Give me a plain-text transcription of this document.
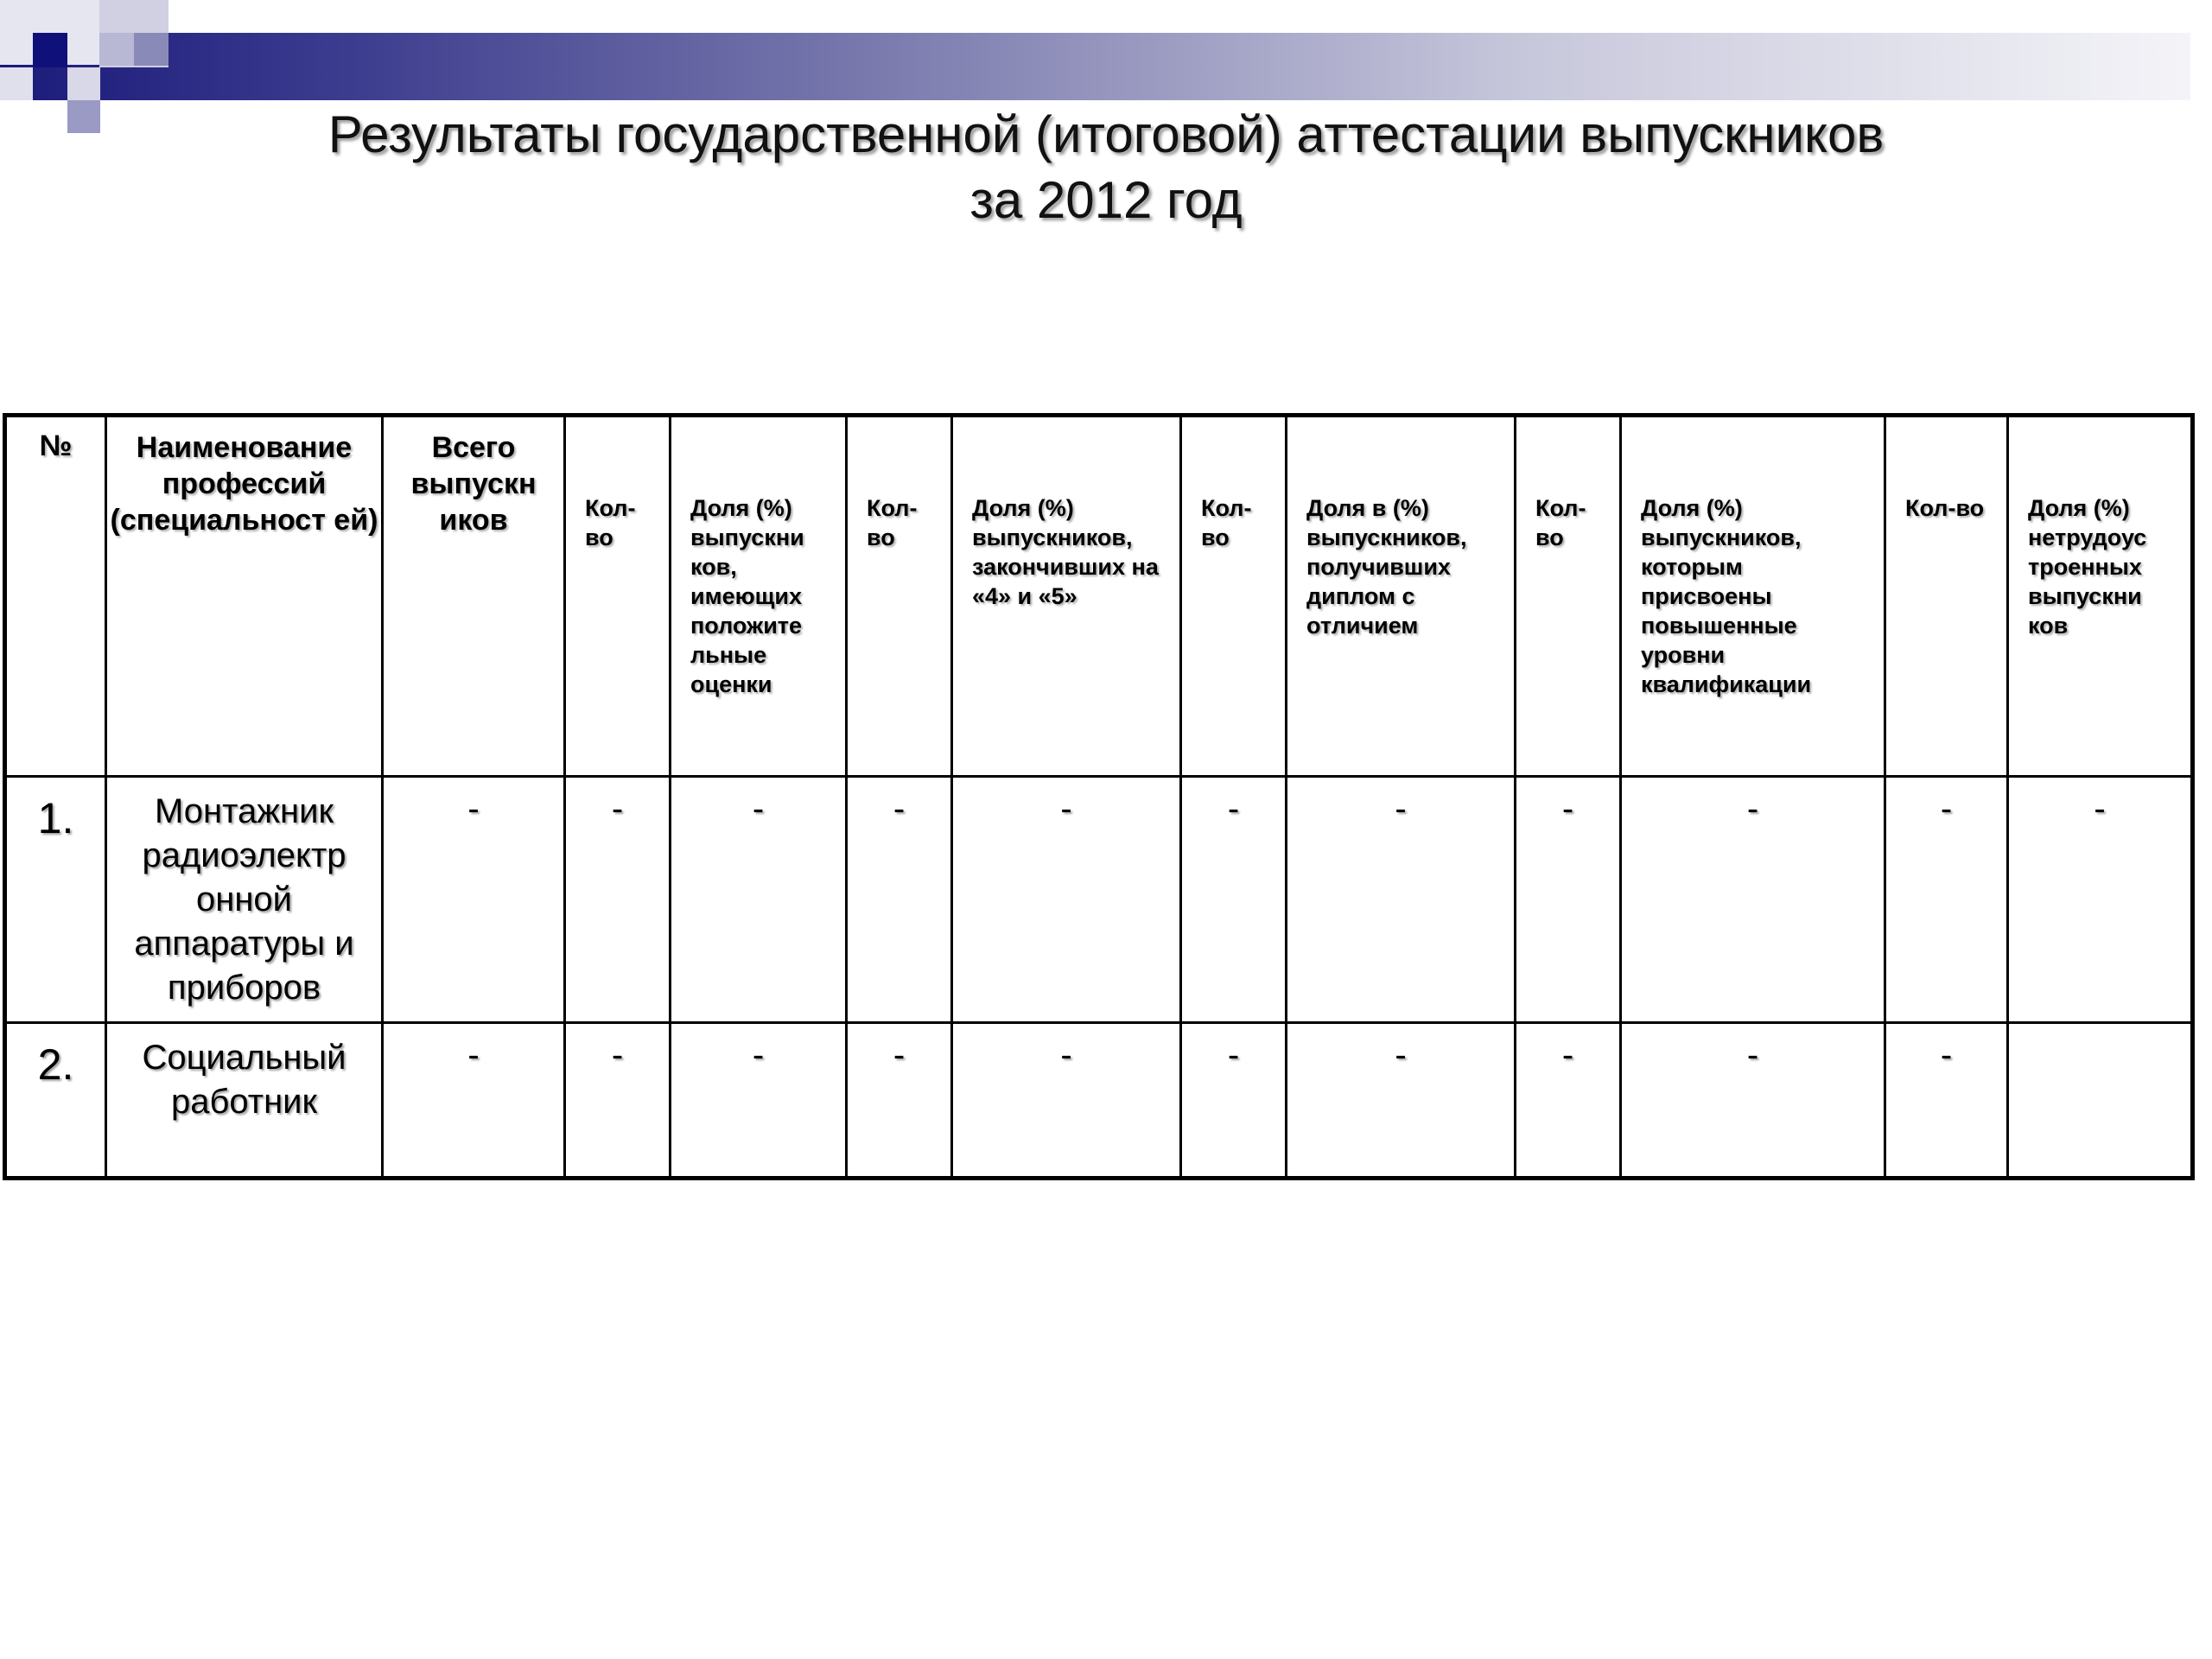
Результаты государственной (итоговой) аттестации выпускников
за 2012 год
№	Наименование профессий (специальност ей)	Всего выпускн иков	Кол-во	Доля (%) выпускни ков, имеющих положите льные оценки	Кол-во	Доля (%) выпускников, закончивших на «4» и «5»	Кол-во	Доля в (%) выпускников, получивших диплом с отличием	Кол-во	Доля (%) выпускников, которым присвоены повышенные уровни квалификации	Кол-во	Доля (%) нетрудоус троенных выпускни ков
1.	Монтажник радиоэлектр онной аппаратуры и приборов	-	-	-	-	-	-	-	-	-	-	-
2.	Социальный работник	-	-	-	-	-	-	-	-	-	-	
